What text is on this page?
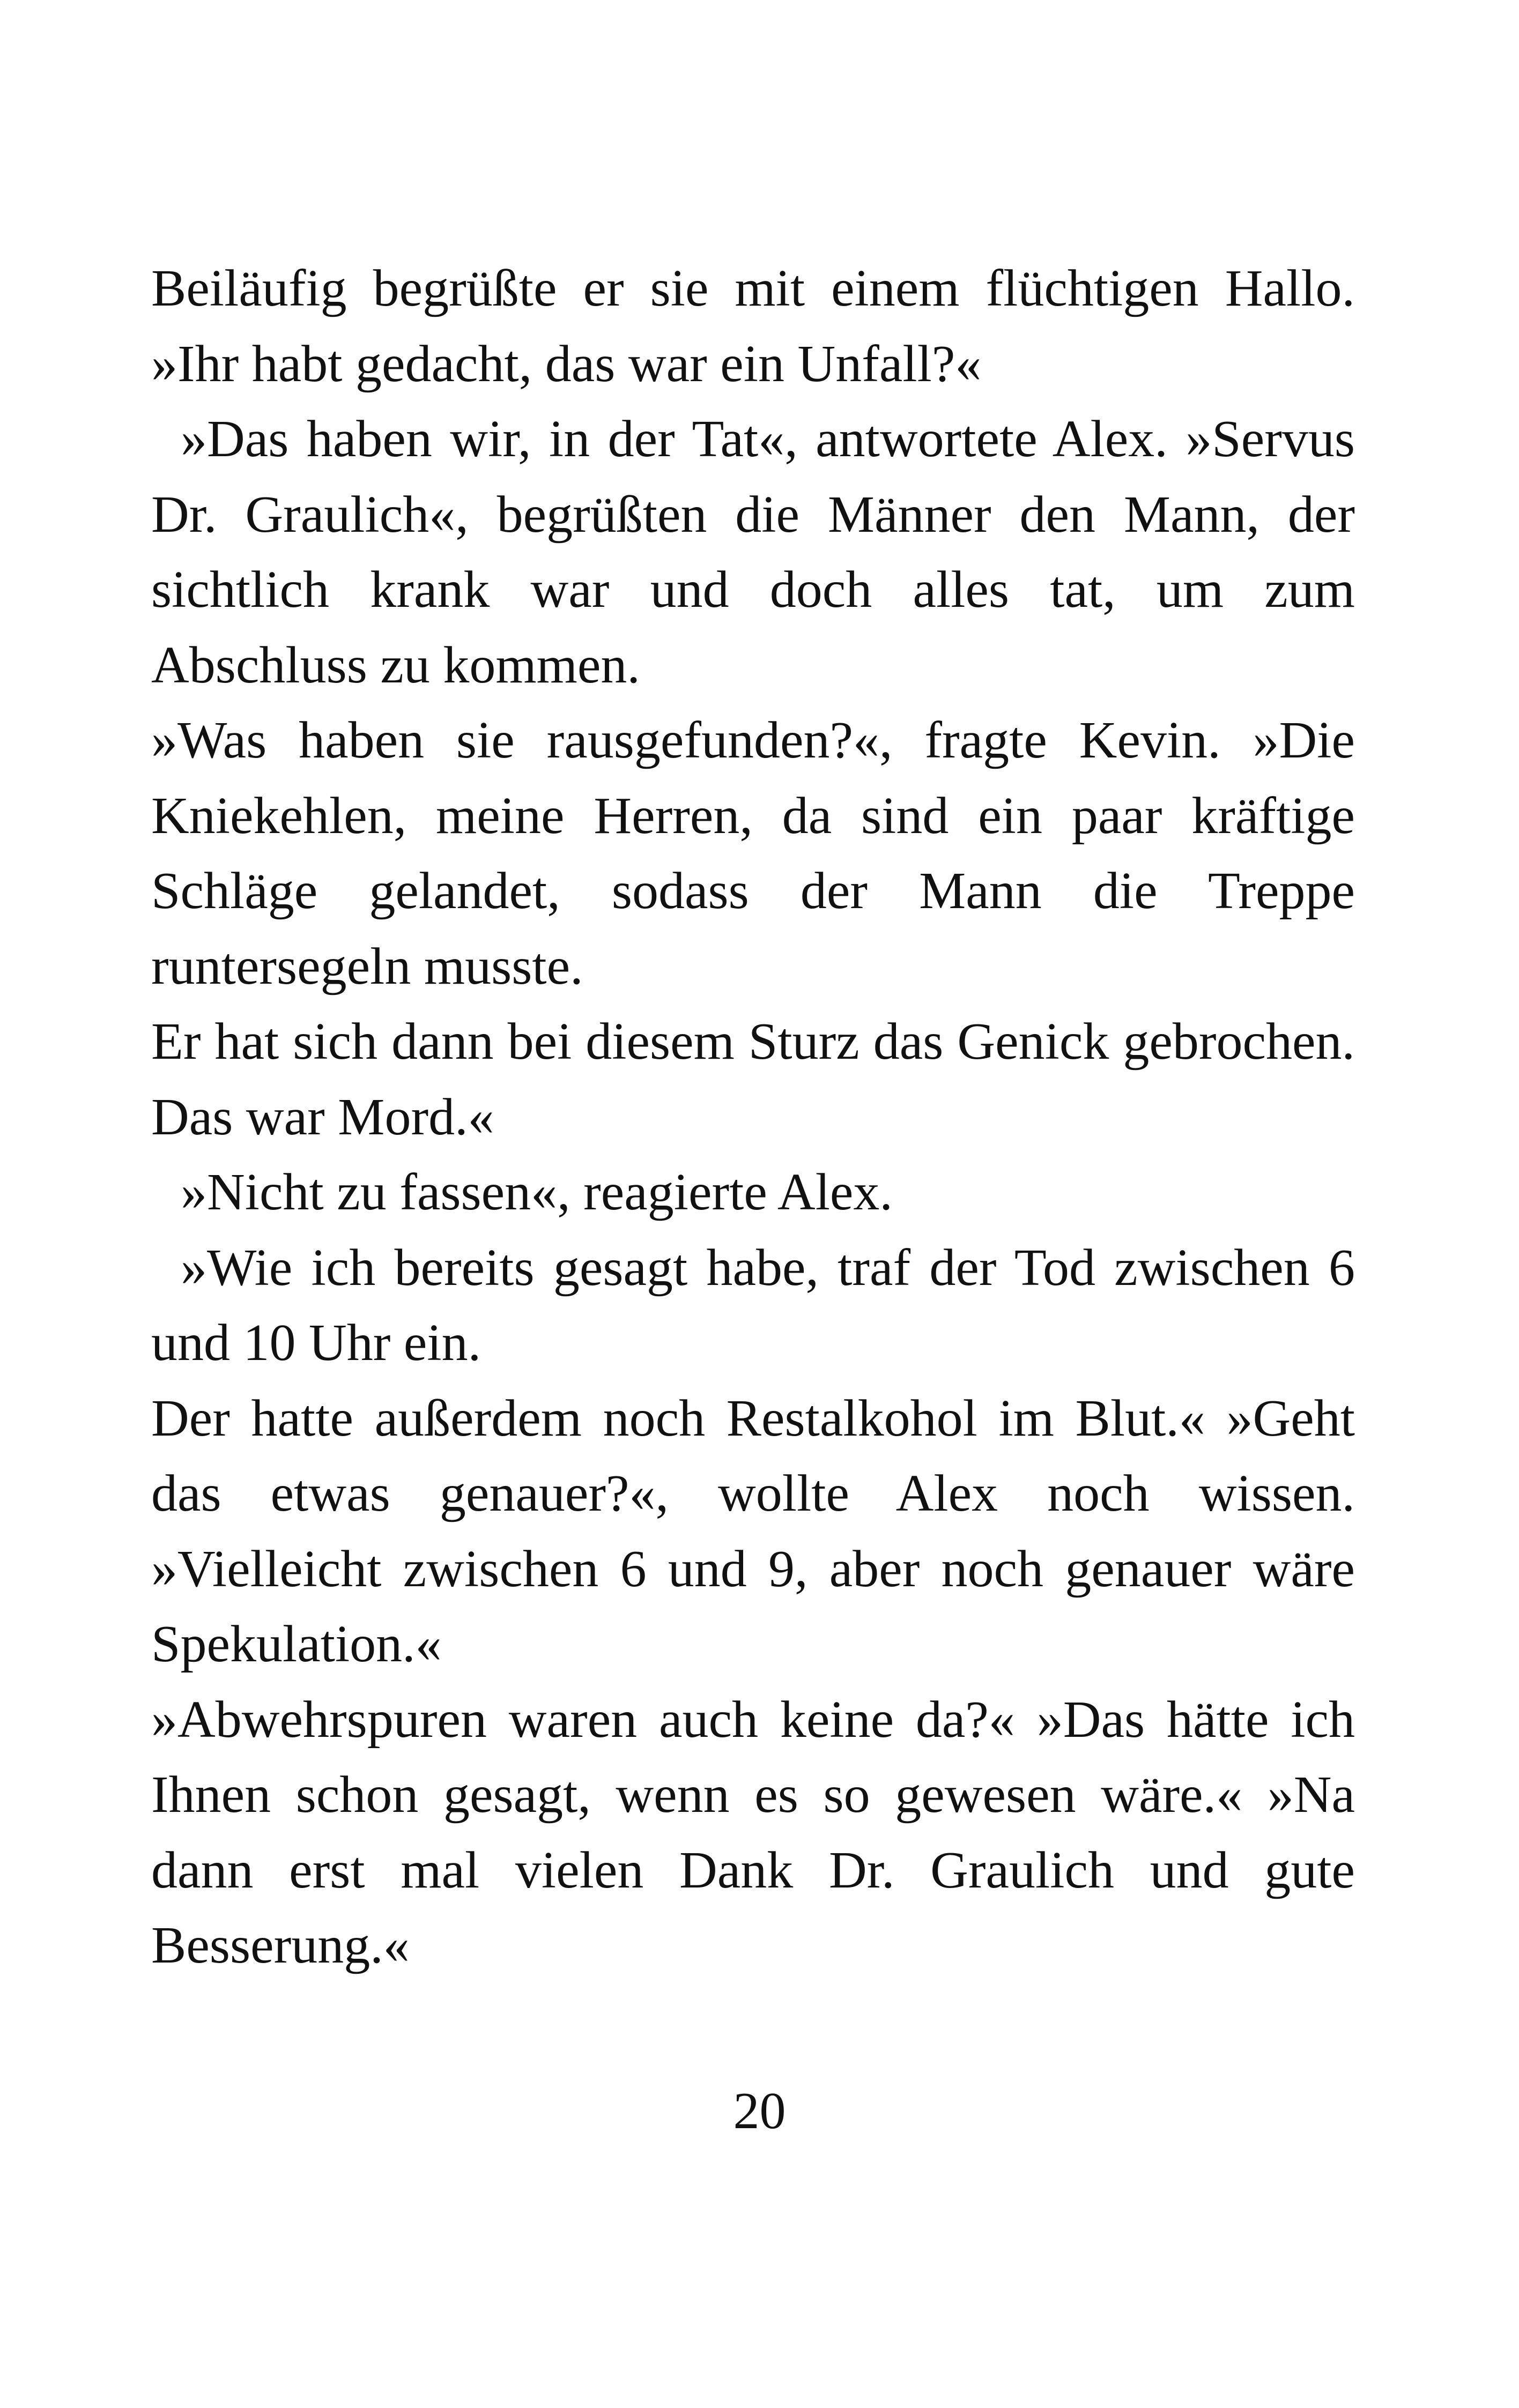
Beiläufig begrüßte er sie mit einem flüchtigen Hallo. »Ihr habt gedacht, das war ein Unfall?«

»Das haben wir, in der Tat«, antwortete Alex. »Servus Dr. Graulich«, begrüßten die Männer den Mann, der sichtlich krank war und doch alles tat, um zum Abschluss zu kommen.

»Was haben sie rausgefunden?«, fragte Kevin. »Die Kniekehlen, meine Herren, da sind ein paar kräftige Schläge gelandet, sodass der Mann die Treppe runtersegeln musste.

Er hat sich dann bei diesem Sturz das Genick gebrochen. Das war Mord.«

»Nicht zu fassen«, reagierte Alex.

»Wie ich bereits gesagt habe, traf der Tod zwischen 6 und 10 Uhr ein.

Der hatte außerdem noch Restalkohol im Blut.« »Geht das etwas genauer?«, wollte Alex noch wissen. »Vielleicht zwischen 6 und 9, aber noch genauer wäre Spekulation.«

»Abwehrspuren waren auch keine da?« »Das hätte ich Ihnen schon gesagt, wenn es so gewesen wäre.« »Na dann erst mal vielen Dank Dr. Graulich und gute Besserung.«

20
